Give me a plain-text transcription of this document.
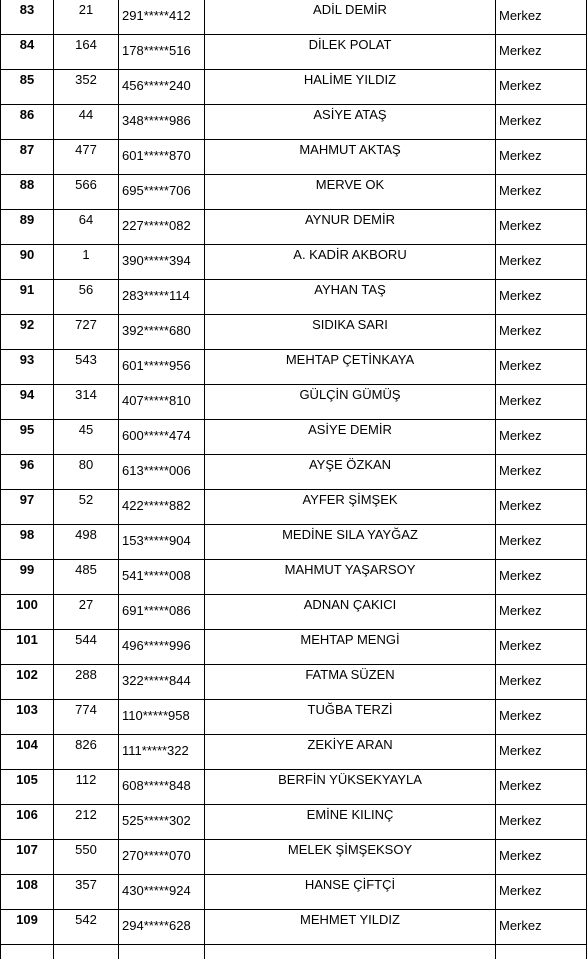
83	21	291*****412	ADİL DEMİR	Merkez
84	164	178*****516	DİLEK POLAT	Merkez
85	352	456*****240	HALİME YILDIZ	Merkez
86	44	348*****986	ASİYE ATAŞ	Merkez
87	477	601*****870	MAHMUT AKTAŞ	Merkez
88	566	695*****706	MERVE OK	Merkez
89	64	227*****082	AYNUR DEMİR	Merkez
90	1	390*****394	A. KADİR AKBORU	Merkez
91	56	283*****114	AYHAN TAŞ	Merkez
92	727	392*****680	SIDIKA SARI	Merkez
93	543	601*****956	MEHTAP ÇETİNKAYA	Merkez
94	314	407*****810	GÜLÇİN GÜMÜŞ	Merkez
95	45	600*****474	ASİYE DEMİR	Merkez
96	80	613*****006	AYŞE ÖZKAN	Merkez
97	52	422*****882	AYFER ŞİMŞEK	Merkez
98	498	153*****904	MEDİNE SILA YAYĞAZ	Merkez
99	485	541*****008	MAHMUT YAŞARSOY	Merkez
100	27	691*****086	ADNAN ÇAKICI	Merkez
101	544	496*****996	MEHTAP MENGİ	Merkez
102	288	322*****844	FATMA SÜZEN	Merkez
103	774	110*****958	TUĞBA TERZİ	Merkez
104	826	111*****322	ZEKİYE ARAN	Merkez
105	112	608*****848	BERFİN YÜKSEKYAYLA	Merkez
106	212	525*****302	EMİNE KILINÇ	Merkez
107	550	270*****070	MELEK ŞİMŞEKSOY	Merkez
108	357	430*****924	HANSE ÇİFTÇİ	Merkez
109	542	294*****628	MEHMET YILDIZ	Merkez
